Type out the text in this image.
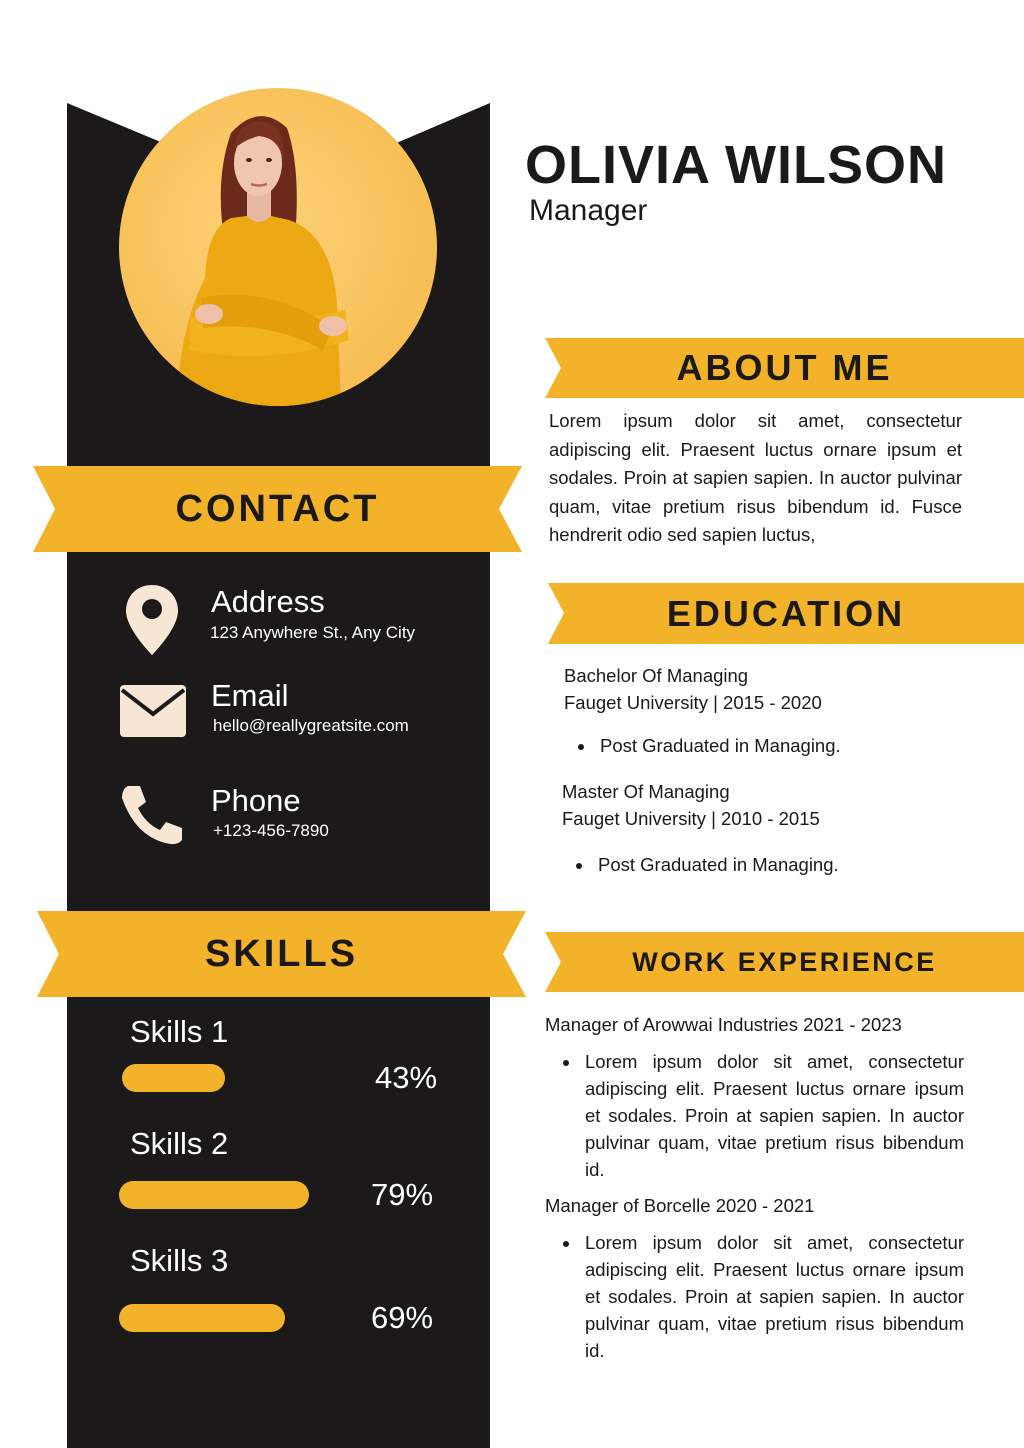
CONTACT
Address
123 Anywhere St., Any City
Email
hello@reallygreatsite.com
Phone
+123-456-7890
SKILLS
Skills 1
43%
Skills 2
79%
Skills 3
69%
OLIVIA WILSON
Manager
ABOUT ME
Lorem ipsum dolor sit amet, consectetur adipiscing elit. Praesent luctus ornare ipsum et sodales. Proin at sapien sapien. In auctor pulvinar quam, vitae pretium risus bibendum id. Fusce hendrerit odio sed sapien luctus,
EDUCATION
Bachelor Of Managing
Fauget University | 2015 - 2020
• Post Graduated in Managing.
Master Of Managing
Fauget University | 2010 - 2015
• Post Graduated in Managing.
WORK EXPERIENCE
Manager of Arowwai Industries 2021 - 2023
• Lorem ipsum dolor sit amet, consectetur adipiscing elit. Praesent luctus ornare ipsum et sodales. Proin at sapien sapien. In auctor pulvinar quam, vitae pretium risus bibendum id.
Manager of Borcelle 2020 - 2021
• Lorem ipsum dolor sit amet, consectetur adipiscing elit. Praesent luctus ornare ipsum et sodales. Proin at sapien sapien. In auctor pulvinar quam, vitae pretium risus bibendum id.
